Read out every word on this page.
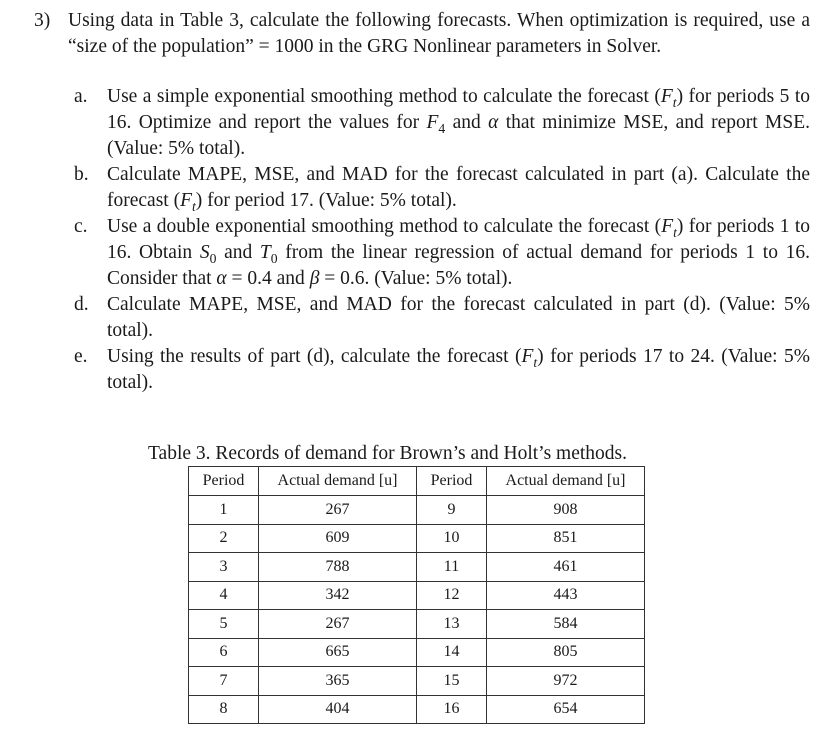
3) Using data in Table 3, calculate the following forecasts. When optimization is required, use a “size of the population” = 1000 in the GRG Nonlinear parameters in Solver.
a. Use a simple exponential smoothing method to calculate the forecast $(F_t)$ for periods 5 to 16. Optimize and report the values for $F_4$ and α that minimize MSE, and report MSE. (Value: 5% total).
b. Calculate MAPE, MSE, and MAD for the forecast calculated in part (a). Calculate the forecast $(F_t)$ for period 17. (Value: 5% total).
c. Use a double exponential smoothing method to calculate the forecast $(F_t)$ for periods 1 to 16. Obtain $S_0$ and $T_0$ from the linear regression of actual demand for periods 1 to 16. Consider that α = 0.4 and β = 0.6. (Value: 5% total).
d. Calculate MAPE, MSE, and MAD for the forecast calculated in part (d). (Value: 5% total).
e. Using the results of part (d), calculate the forecast $(F_t)$ for periods 17 to 24. (Value: 5% total).
Table 3. Records of demand for Brown’s and Holt’s methods.
Period	Actual demand [u]	Period	Actual demand [u]
1	267	9	908
2	609	10	851
3	788	11	461
4	342	12	443
5	267	13	584
6	665	14	805
7	365	15	972
8	404	16	654
